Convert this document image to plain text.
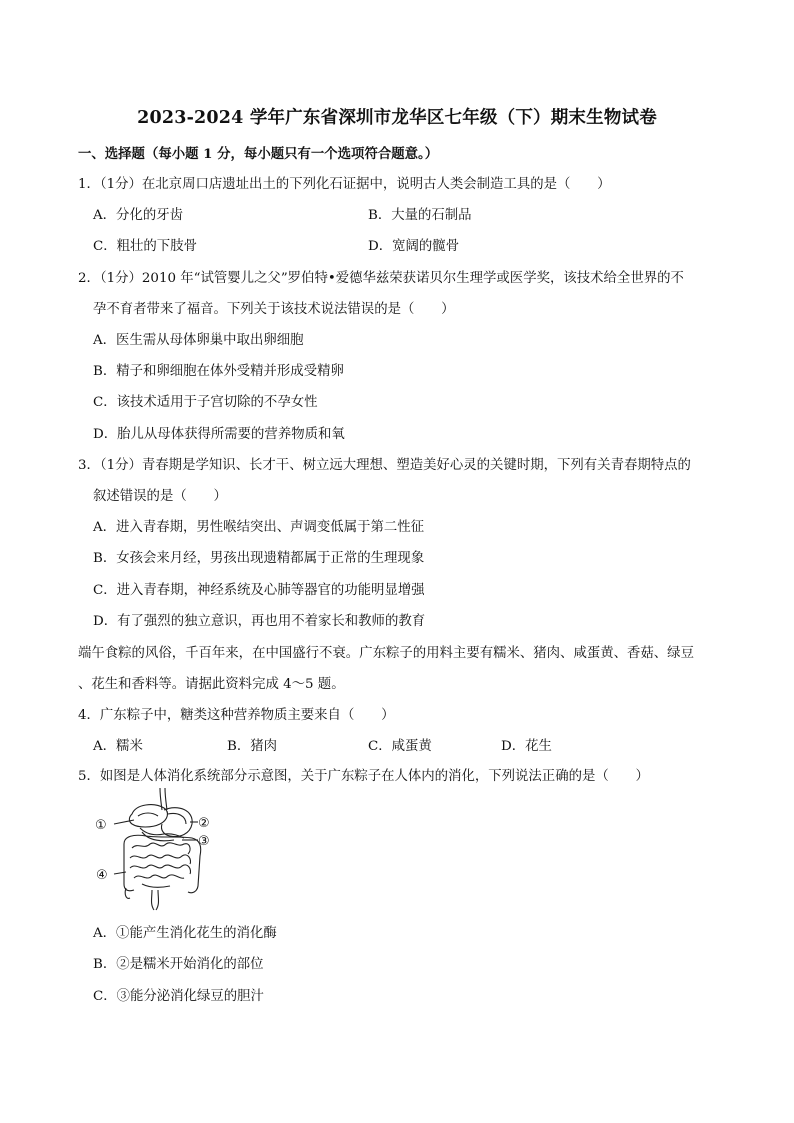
2023-2024 学年广东省深圳市龙华区七年级（下）期末生物试卷
一、选择题（每小题 1 分，每小题只有一个选项符合题意。）
1．（1分）在北京周口店遗址出土的下列化石证据中，说明古人类会制造工具的是（　　）
A．分化的牙齿	B．大量的石制品
C．粗壮的下肢骨	D．宽阔的髋骨
2．（1分）2010 年“试管婴儿之父”罗伯特•爱德华兹荣获诺贝尔生理学或医学奖，该技术给全世界的不
孕不育者带来了福音。下列关于该技术说法错误的是（　　）
A．医生需从母体卵巢中取出卵细胞
B．精子和卵细胞在体外受精并形成受精卵
C．该技术适用于子宫切除的不孕女性
D．胎儿从母体获得所需要的营养物质和氧
3．（1分）青春期是学知识、长才干、树立远大理想、塑造美好心灵的关键时期，下列有关青春期特点的
叙述错误的是（　　）
A．进入青春期，男性喉结突出、声调变低属于第二性征
B．女孩会来月经，男孩出现遗精都属于正常的生理现象
C．进入青春期，神经系统及心肺等器官的功能明显增强
D．有了强烈的独立意识，再也用不着家长和教师的教育
端午食粽的风俗，千百年来，在中国盛行不衰。广东粽子的用料主要有糯米、猪肉、咸蛋黄、香菇、绿豆
、花生和香料等。请据此资料完成 4～5 题。
4．广东粽子中，糖类这种营养物质主要来自（　　）
A．糯米	B．猪肉	C．咸蛋黄	D．花生
5．如图是人体消化系统部分示意图，关于广东粽子在人体内的消化，下列说法正确的是（　　）
①	②
③
④
A．①能产生消化花生的消化酶
B．②是糯米开始消化的部位
C．③能分泌消化绿豆的胆汁
